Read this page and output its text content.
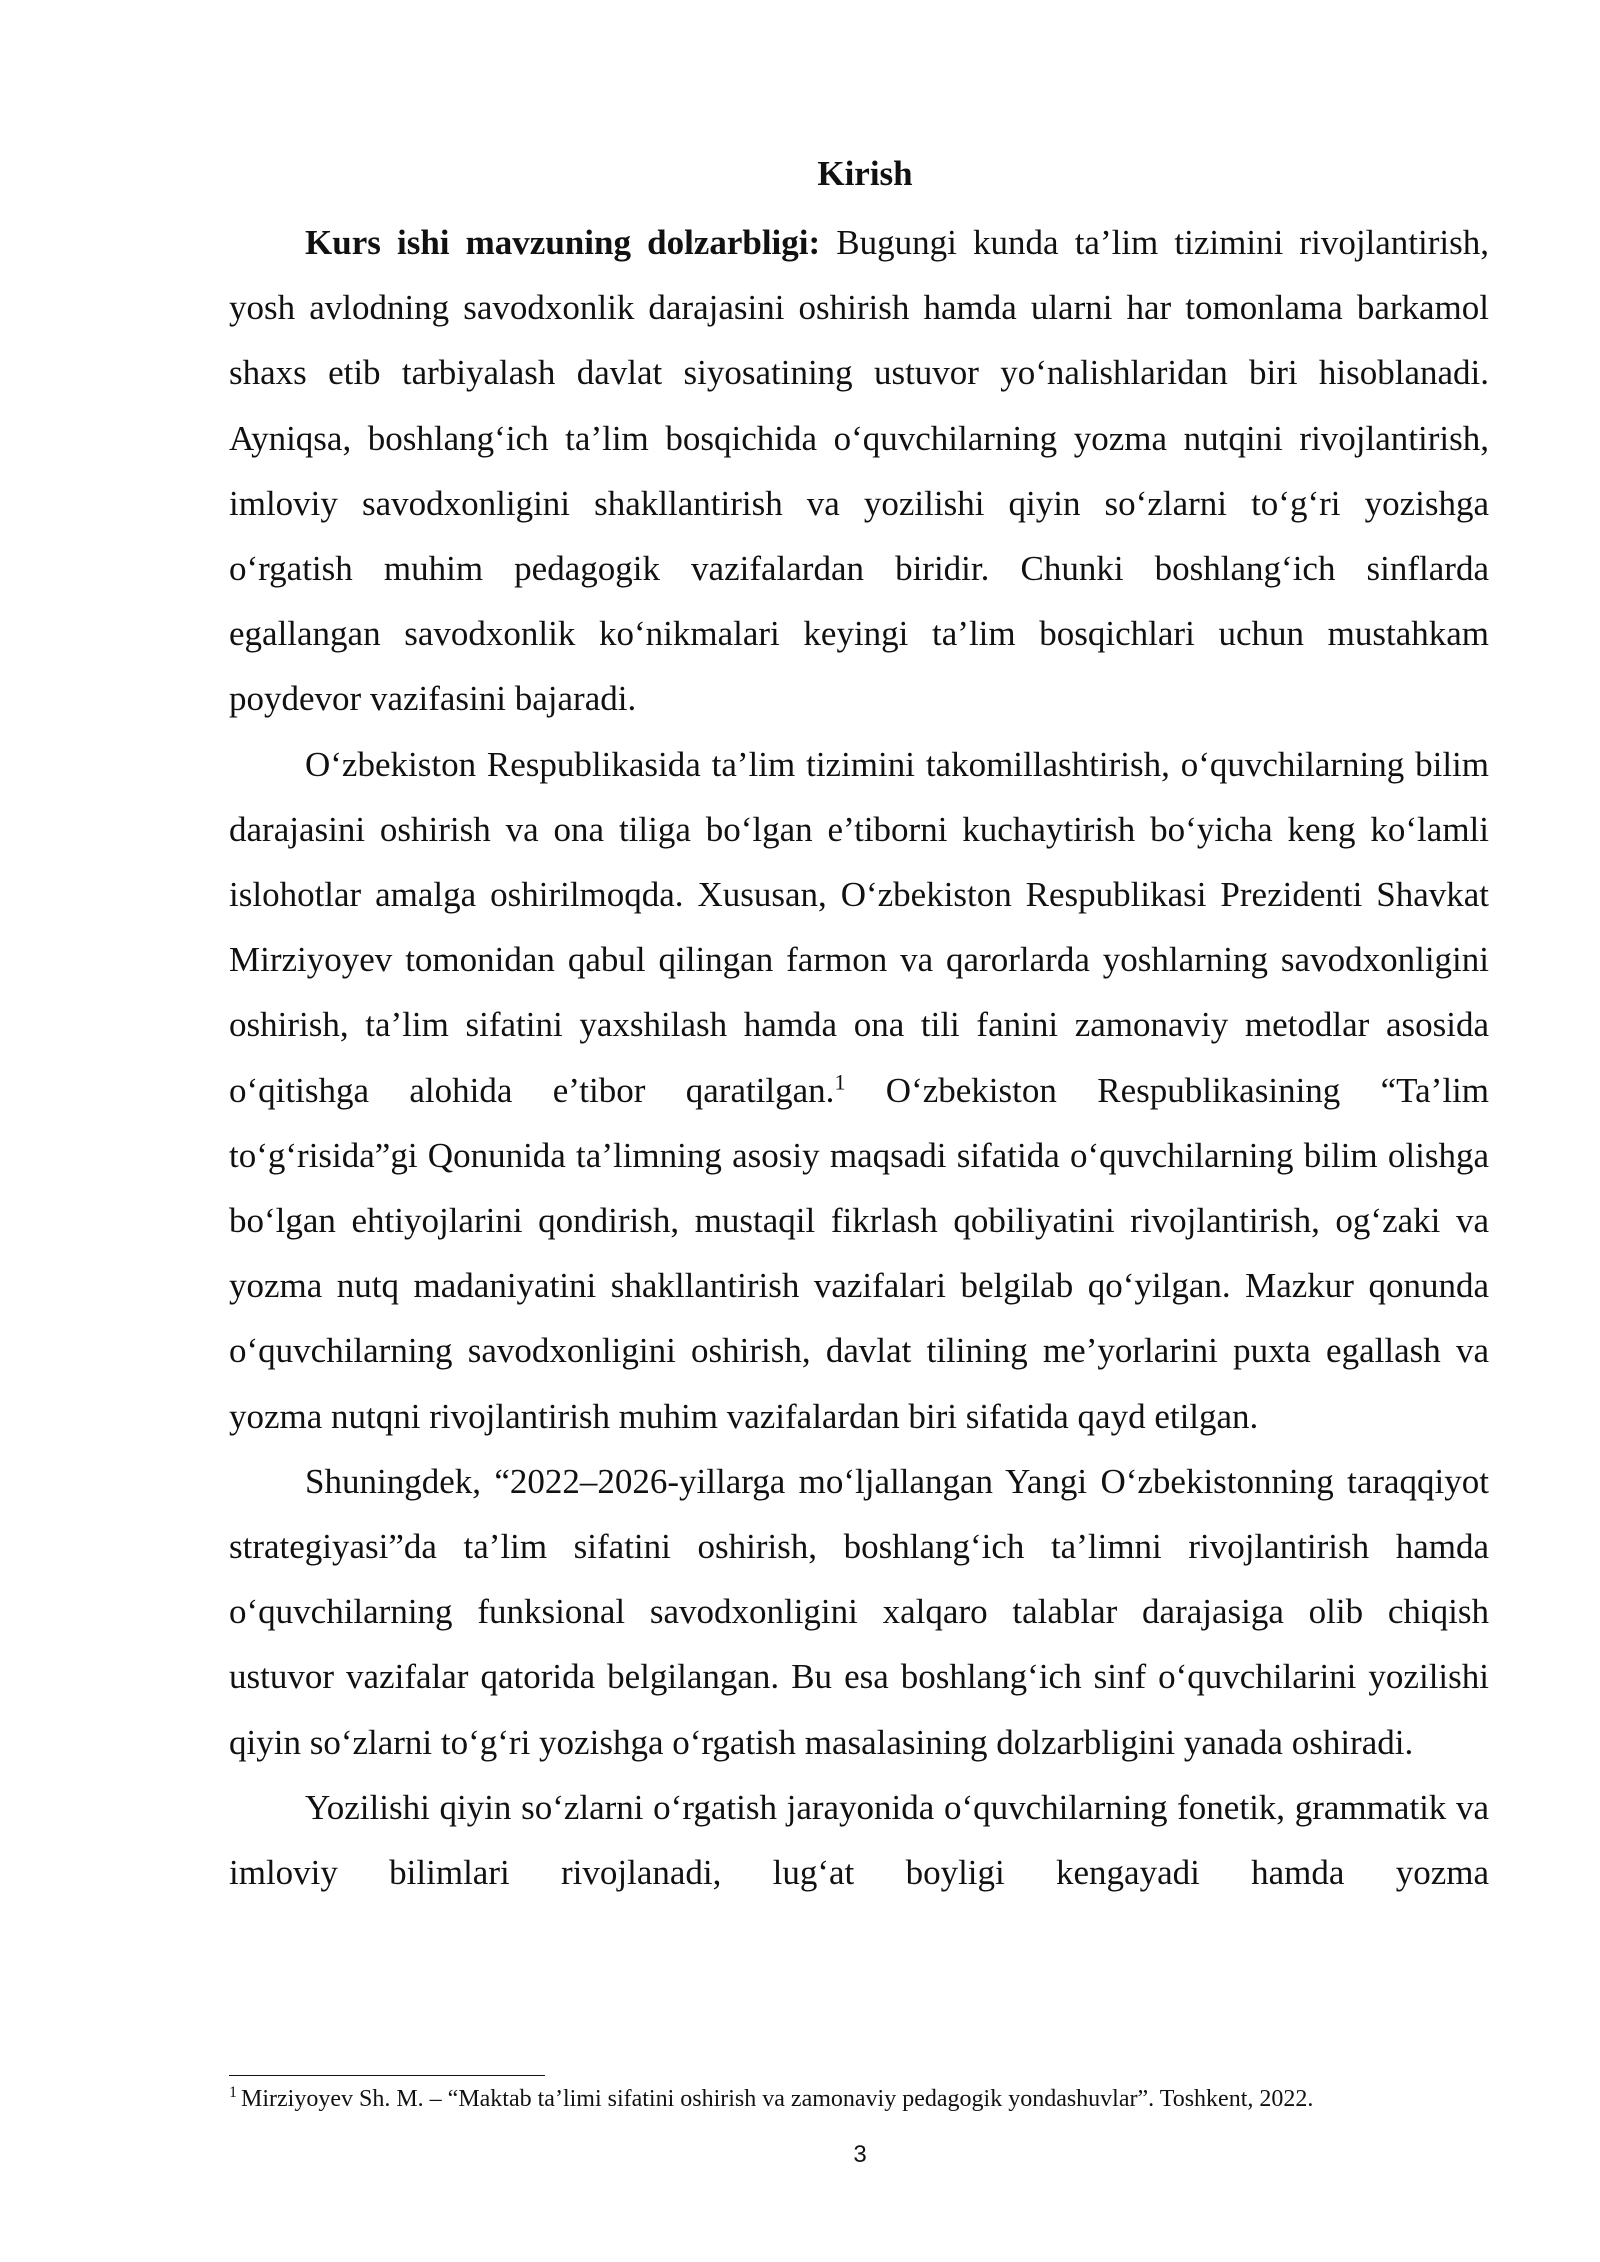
Kirish

Kurs ishi mavzuning dolzarbligi: Bugungi kunda ta’lim tizimini rivojlantirish, yosh avlodning savodxonlik darajasini oshirish hamda ularni har tomonlama barkamol shaxs etib tarbiyalash davlat siyosatining ustuvor yo‘nalishlaridan biri hisoblanadi. Ayniqsa, boshlang‘ich ta’lim bosqichida o‘quvchilarning yozma nutqini rivojlantirish, imloviy savodxonligini shakllantirish va yozilishi qiyin so‘zlarni to‘g‘ri yozishga o‘rgatish muhim pedagogik vazifalardan biridir. Chunki boshlang‘ich sinflarda egallangan savodxonlik ko‘nikmalari keyingi ta’lim bosqichlari uchun mustahkam poydevor vazifasini bajaradi.

O‘zbekiston Respublikasida ta’lim tizimini takomillashtirish, o‘quvchilarning bilim darajasini oshirish va ona tiliga bo‘lgan e’tiborni kuchaytirish bo‘yicha keng ko‘lamli islohotlar amalga oshirilmoqda. Xususan, O‘zbekiston Respublikasi Prezidenti Shavkat Mirziyoyev tomonidan qabul qilingan farmon va qarorlarda yoshlarning savodxonligini oshirish, ta’lim sifatini yaxshilash hamda ona tili fanini zamonaviy metodlar asosida o‘qitishga alohida e’tibor qaratilgan.$^1$ O‘zbekiston Respublikasining “Ta’lim to‘g‘risida”gi Qonunida ta’limning asosiy maqsadi sifatida o‘quvchilarning bilim olishga bo‘lgan ehtiyojlarini qondirish, mustaqil fikrlash qobiliyatini rivojlantirish, og‘zaki va yozma nutq madaniyatini shakllantirish vazifalari belgilab qo‘yilgan. Mazkur qonunda o‘quvchilarning savodxonligini oshirish, davlat tilining me’yorlarini puxta egallash va yozma nutqni rivojlantirish muhim vazifalardan biri sifatida qayd etilgan.

Shuningdek, “2022–2026-yillarga mo‘ljallangan Yangi O‘zbekistonning taraqqiyot strategiyasi”da ta’lim sifatini oshirish, boshlang‘ich ta’limni rivojlantirish hamda o‘quvchilarning funksional savodxonligini xalqaro talablar darajasiga olib chiqish ustuvor vazifalar qatorida belgilangan. Bu esa boshlang‘ich sinf o‘quvchilarini yozilishi qiyin so‘zlarni to‘g‘ri yozishga o‘rgatish masalasining dolzarbligini yanada oshiradi.

Yozilishi qiyin so‘zlarni o‘rgatish jarayonida o‘quvchilarning fonetik, grammatik va imloviy bilimlari rivojlanadi, lug‘at boyligi kengayadi hamda yozma

$^1$ Mirziyoyev Sh. M. – “Maktab ta’limi sifatini oshirish va zamonaviy pedagogik yondashuvlar”. Toshkent, 2022.
3
